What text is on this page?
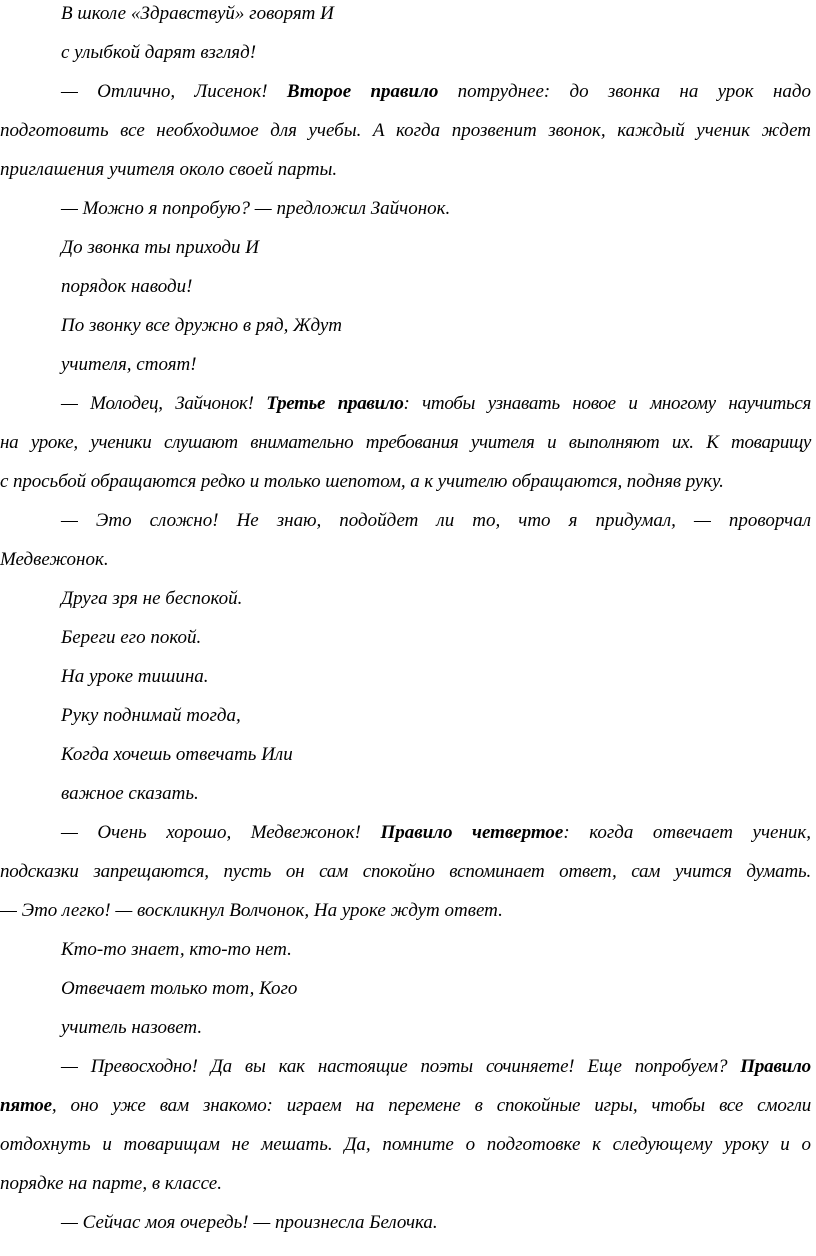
В школе «Здравствуй» говорят И
с улыбкой дарят взгляд!
— Отлично, Лисенок! Второе правило потруднее: до звонка на урок надо
подготовить все необходимое для учебы. А когда прозвенит звонок, каждый ученик ждет
приглашения учителя около своей парты.
— Можно я попробую? — предложил Зайчонок.
До звонка ты приходи И
порядок наводи!
По звонку все дружно в ряд, Ждут
учителя, стоят!
— Молодец, Зайчонок! Третье правило: чтобы узнавать новое и многому научиться
на уроке, ученики слушают внимательно требования учителя и выполняют их. К товарищу
с просьбой обращаются редко и только шепотом, а к учителю обращаются, подняв руку.
— Это сложно! Не знаю, подойдет ли то, что я придумал, — проворчал
Медвежонок.
Друга зря не беспокой.
Береги его покой.
На уроке тишина.
Руку поднимай тогда,
Когда хочешь отвечать Или
важное сказать.
— Очень хорошо, Медвежонок! Правило четвертое: когда отвечает ученик,
подсказки запрещаются, пусть он сам спокойно вспоминает ответ, сам учится думать.
— Это легко! — воскликнул Волчонок, На уроке ждут ответ.
Кто-то знает, кто-то нет.
Отвечает только тот, Кого
учитель назовет.
— Превосходно! Да вы как настоящие поэты сочиняете! Еще попробуем? Правило
пятое, оно уже вам знакомо: играем на перемене в спокойные игры, чтобы все смогли
отдохнуть и товарищам не мешать. Да, помните о подготовке к следующему уроку и о
порядке на парте, в классе.
— Сейчас моя очередь! — произнесла Белочка.
